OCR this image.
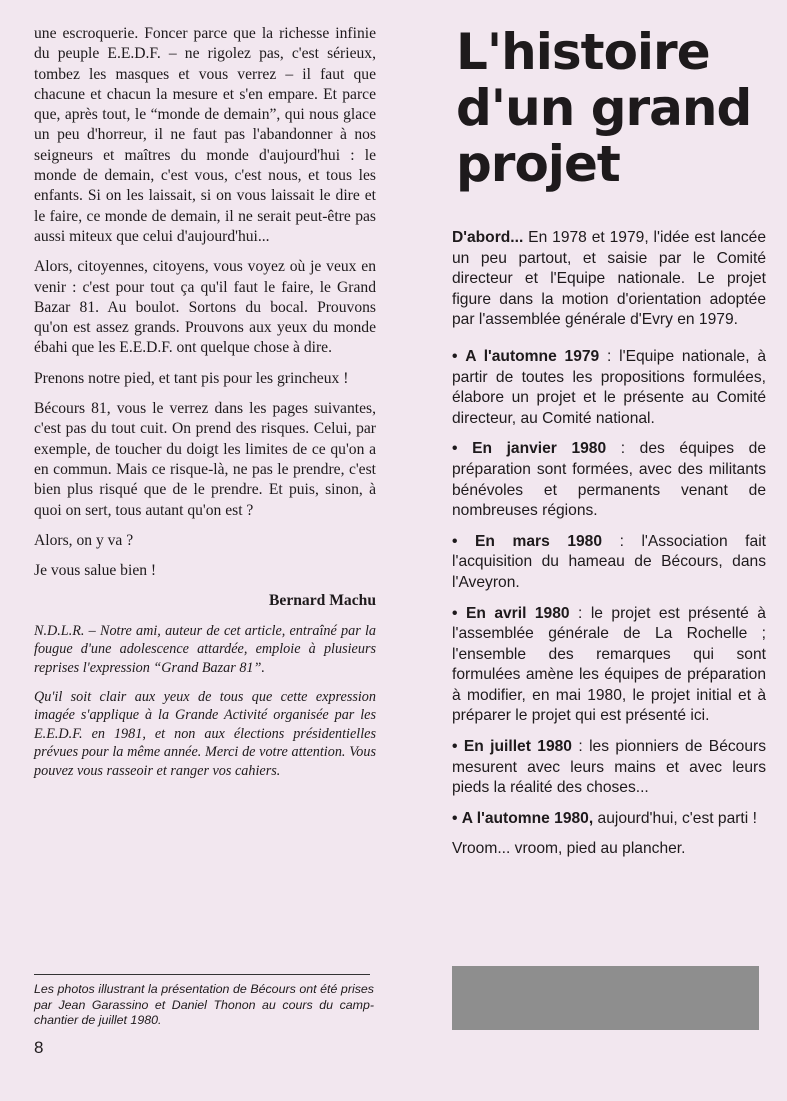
une escroquerie. Foncer parce que la richesse infinie du peuple E.E.D.F. – ne rigolez pas, c'est sérieux, tombez les masques et vous verrez – il faut que chacune et chacun la mesure et s'en empare. Et parce que, après tout, le “monde de demain”, qui nous glace un peu d'horreur, il ne faut pas l'abandonner à nos seigneurs et maîtres du monde d'aujourd'hui : le monde de demain, c'est vous, c'est nous, et tous les enfants. Si on les laissait, si on vous laissait le dire et le faire, ce monde de demain, il ne serait peut-être pas aussi miteux que celui d'aujourd'hui...

Alors, citoyennes, citoyens, vous voyez où je veux en venir : c'est pour tout ça qu'il faut le faire, le Grand Bazar 81. Au boulot. Sortons du bocal. Prouvons qu'on est assez grands. Prouvons aux yeux du monde ébahi que les E.E.D.F. ont quelque chose à dire.

Prenons notre pied, et tant pis pour les grincheux !

Bécours 81, vous le verrez dans les pages suivantes, c'est pas du tout cuit. On prend des risques. Celui, par exemple, de toucher du doigt les limites de ce qu'on a en commun. Mais ce risque-là, ne pas le prendre, c'est bien plus risqué que de le prendre. Et puis, sinon, à quoi on sert, tous autant qu'on est ?

Alors, on y va ?

Je vous salue bien !

Bernard Machu

N.D.L.R. – Notre ami, auteur de cet article, entraîné par la fougue d'une adolescence attardée, emploie à plusieurs reprises l'expression “Grand Bazar 81”.

Qu'il soit clair aux yeux de tous que cette expression imagée s'applique à la Grande Activité organisée par les E.E.D.F. en 1981, et non aux élections présidentielles prévues pour la même année. Merci de votre attention. Vous pouvez vous rasseoir et ranger vos cahiers.

L'histoire
d'un grand
projet

D'abord... En 1978 et 1979, l'idée est lancée un peu partout, et saisie par le Comité directeur et l'Equipe nationale. Le projet figure dans la motion d'orientation adoptée par l'assemblée générale d'Evry en 1979.

• A l'automne 1979 : l'Equipe nationale, à partir de toutes les propositions formulées, élabore un projet et le présente au Comité directeur, au Comité national.

• En janvier 1980 : des équipes de préparation sont formées, avec des militants bénévoles et permanents venant de nombreuses régions.

• En mars 1980 : l'Association fait l'acquisition du hameau de Bécours, dans l'Aveyron.

• En avril 1980 : le projet est présenté à l'assemblée générale de La Rochelle ; l'ensemble des remarques qui sont formulées amène les équipes de préparation à modifier, en mai 1980, le projet initial et à préparer le projet qui est présenté ici.

• En juillet 1980 : les pionniers de Bécours mesurent avec leurs mains et avec leurs pieds la réalité des choses...

• A l'automne 1980, aujourd'hui, c'est parti !

Vroom... vroom, pied au plancher.

Les photos illustrant la présentation de Bécours ont été prises par Jean Garassino et Daniel Thonon au cours du camp-chantier de juillet 1980.
8
